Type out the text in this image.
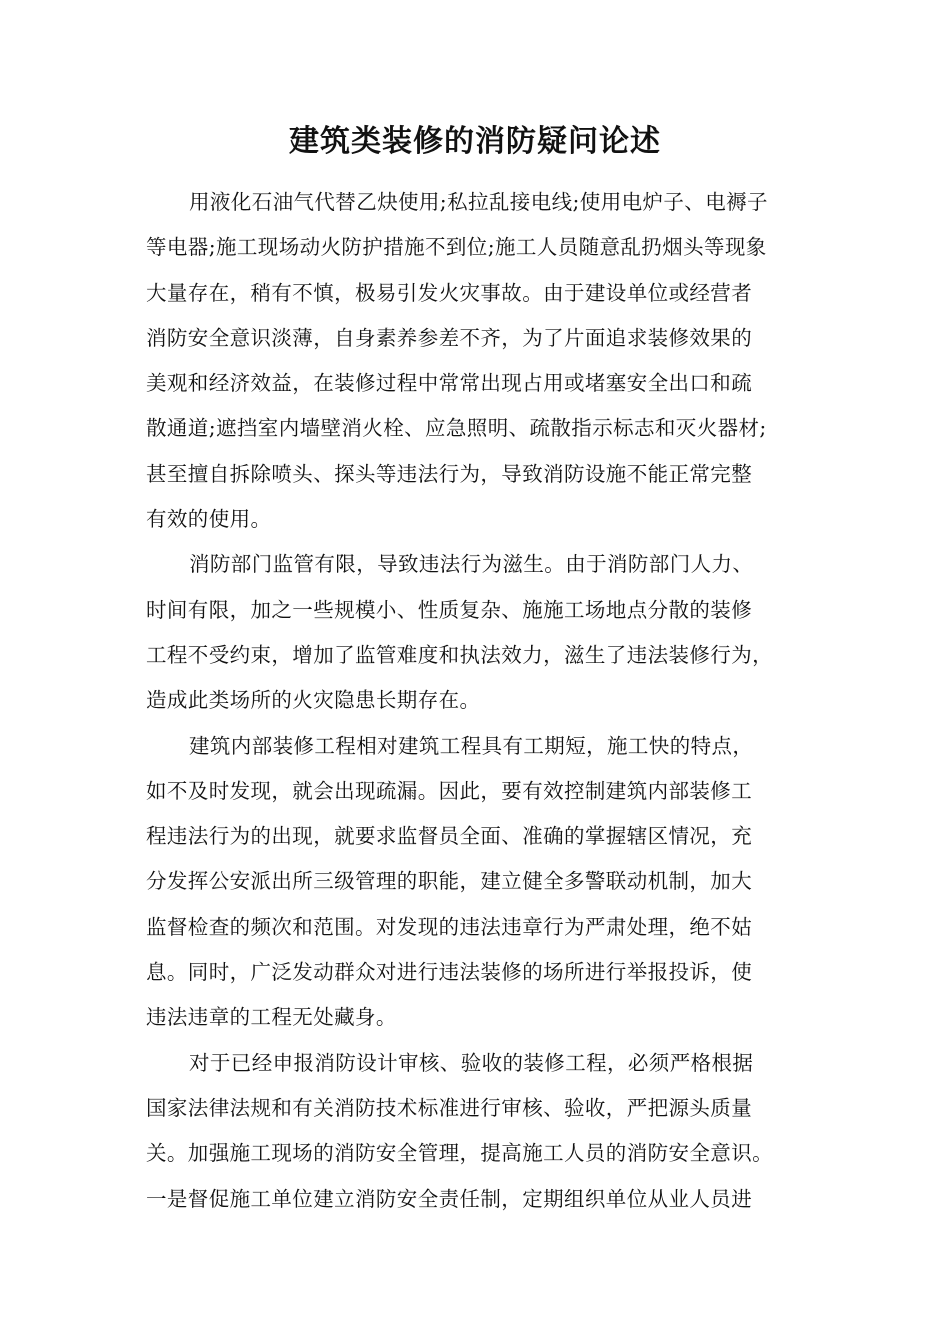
建筑类装修的消防疑问论述
用液化石油气代替乙炔使用;私拉乱接电线;使用电炉子、电褥子
等电器;施工现场动火防护措施不到位;施工人员随意乱扔烟头等现象
大量存在，稍有不慎，极易引发火灾事故。由于建设单位或经营者
消防安全意识淡薄，自身素养参差不齐，为了片面追求装修效果的
美观和经济效益，在装修过程中常常出现占用或堵塞安全出口和疏
散通道;遮挡室内墙壁消火栓、应急照明、疏散指示标志和灭火器材;
甚至擅自拆除喷头、探头等违法行为，导致消防设施不能正常完整
有效的使用。
消防部门监管有限，导致违法行为滋生。由于消防部门人力、
时间有限，加之一些规模小、性质复杂、施施工场地点分散的装修
工程不受约束，增加了监管难度和执法效力，滋生了违法装修行为，
造成此类场所的火灾隐患长期存在。
建筑内部装修工程相对建筑工程具有工期短，施工快的特点，
如不及时发现，就会出现疏漏。因此，要有效控制建筑内部装修工
程违法行为的出现，就要求监督员全面、准确的掌握辖区情况，充
分发挥公安派出所三级管理的职能，建立健全多警联动机制，加大
监督检查的频次和范围。对发现的违法违章行为严肃处理，绝不姑
息。同时，广泛发动群众对进行违法装修的场所进行举报投诉，使
违法违章的工程无处藏身。
对于已经申报消防设计审核、验收的装修工程，必须严格根据
国家法律法规和有关消防技术标准进行审核、验收，严把源头质量
关。加强施工现场的消防安全管理，提高施工人员的消防安全意识。
一是督促施工单位建立消防安全责任制，定期组织单位从业人员进
